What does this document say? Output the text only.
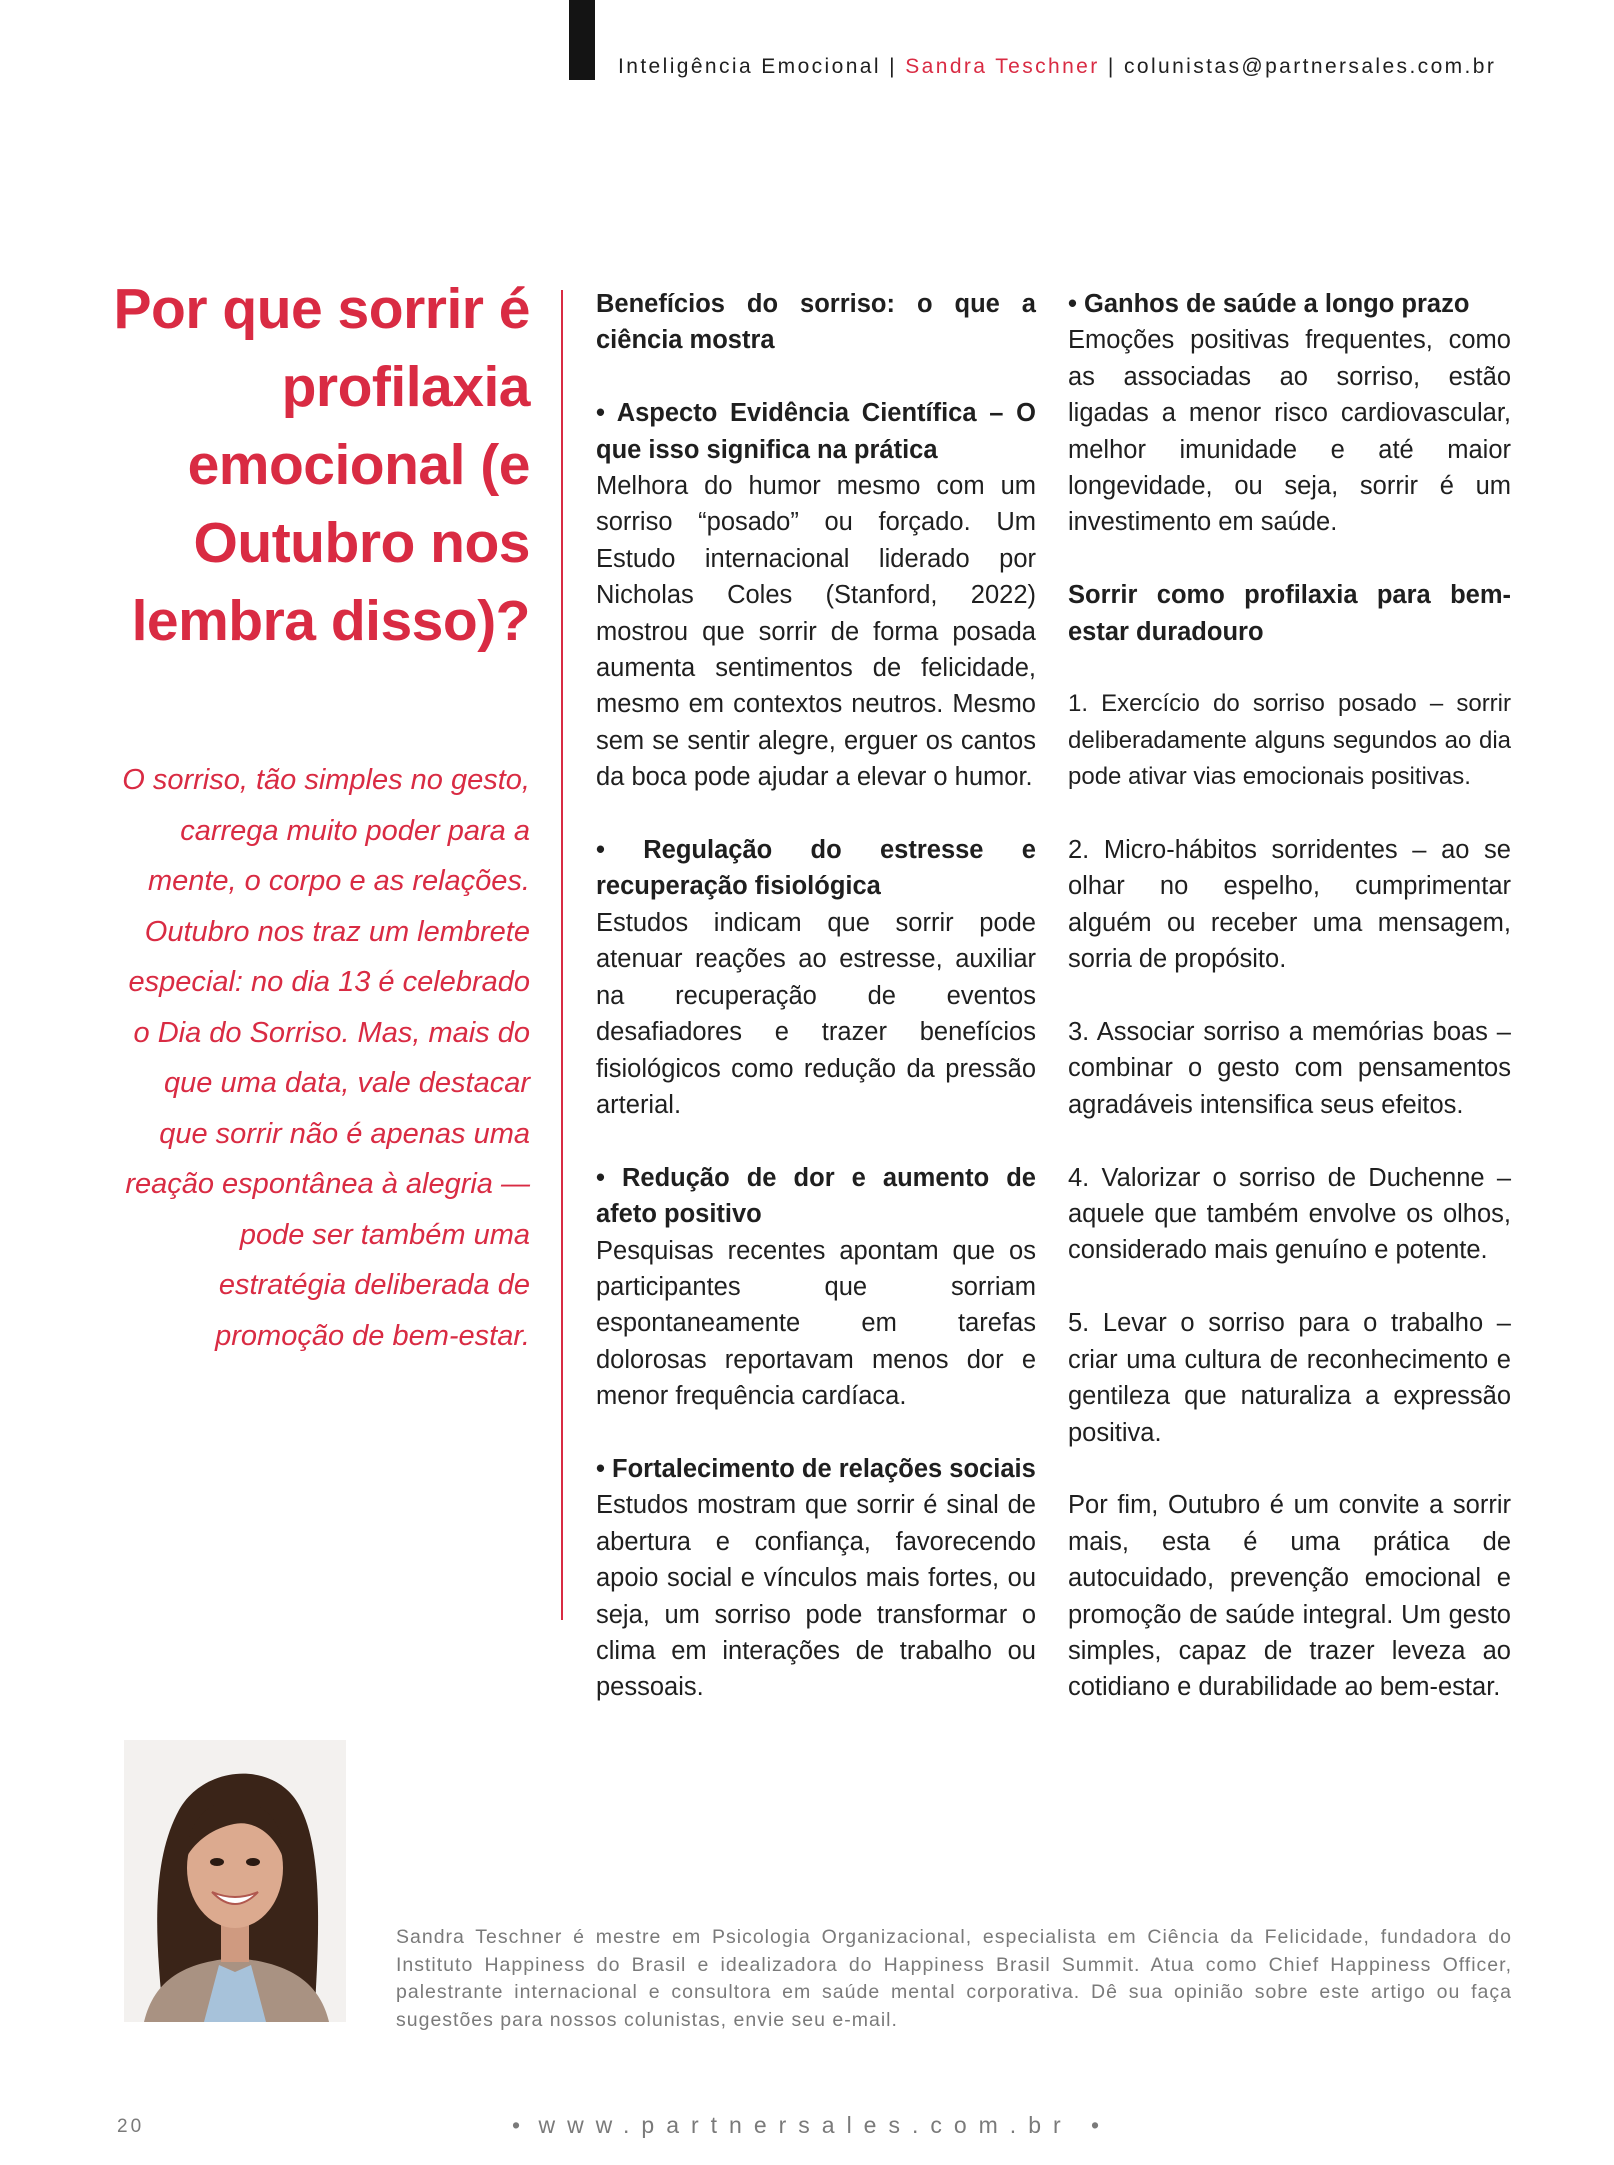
Inteligência Emocional | Sandra Teschner | colunistas@partnersales.com.br
Por que sorrir é profilaxia emocional (e Outubro nos lembra disso)?

O sorriso, tão simples no gesto, carrega muito poder para a mente, o corpo e as relações. Outubro nos traz um lembrete especial: no dia 13 é celebrado o Dia do Sorriso. Mas, mais do que uma data, vale destacar que sorrir não é apenas uma reação espontânea à alegria — pode ser também uma estratégia deliberada de promoção de bem-estar.

Benefícios do sorriso: o que a ciência mostra

• Aspecto Evidência Científica – O que isso significa na prática

Melhora do humor mesmo com um sorriso “posado” ou forçado. Um Estudo internacional liderado por Nicholas Coles (Stanford, 2022) mostrou que sorrir de forma posada aumenta sentimentos de felicidade, mesmo em contextos neutros. Mesmo sem se sentir alegre, erguer os cantos da boca pode ajudar a elevar o humor.

• Regulação do estresse e recuperação fisiológica

Estudos indicam que sorrir pode atenuar reações ao estresse, auxiliar na recuperação de eventos desafiadores e trazer benefícios fisiológicos como redução da pressão arterial.

• Redução de dor e aumento de afeto positivo

Pesquisas recentes apontam que os participantes que sorriam espontaneamente em tarefas dolorosas reportavam menos dor e menor frequência cardíaca.

• Fortalecimento de relações sociais

Estudos mostram que sorrir é sinal de abertura e confiança, favorecendo apoio social e vínculos mais fortes, ou seja, um sorriso pode transformar o clima em interações de trabalho ou pessoais.

• Ganhos de saúde a longo prazo

Emoções positivas frequentes, como as associadas ao sorriso, estão ligadas a menor risco cardiovascular, melhor imunidade e até maior longevidade, ou seja, sorrir é um investimento em saúde.

Sorrir como profilaxia para bem-estar duradouro

1. Exercício do sorriso posado – sorrir deliberadamente alguns segundos ao dia pode ativar vias emocionais positivas.

2. Micro-hábitos sorridentes – ao se olhar no espelho, cumprimentar alguém ou receber uma mensagem, sorria de propósito.

3. Associar sorriso a memórias boas – combinar o gesto com pensamentos agradáveis intensifica seus efeitos.

4. Valorizar o sorriso de Duchenne – aquele que também envolve os olhos, considerado mais genuíno e potente.

5. Levar o sorriso para o trabalho – criar uma cultura de reconhecimento e gentileza que naturaliza a expressão positiva.

Por fim, Outubro é um convite a sorrir mais, esta é uma prática de autocuidado, prevenção emocional e promoção de saúde integral. Um gesto simples, capaz de trazer leveza ao cotidiano e durabilidade ao bem-estar.

Sandra Teschner é mestre em Psicologia Organizacional, especialista em Ciência da Felicidade, fundadora do Instituto Happiness do Brasil e idealizadora do Happiness Brasil Summit. Atua como Chief Happiness Officer, palestrante internacional e consultora em saúde mental corporativa. Dê sua opinião sobre este artigo ou faça sugestões para nossos colunistas, envie seu e-mail.

20	• www.partnersales.com.br •
